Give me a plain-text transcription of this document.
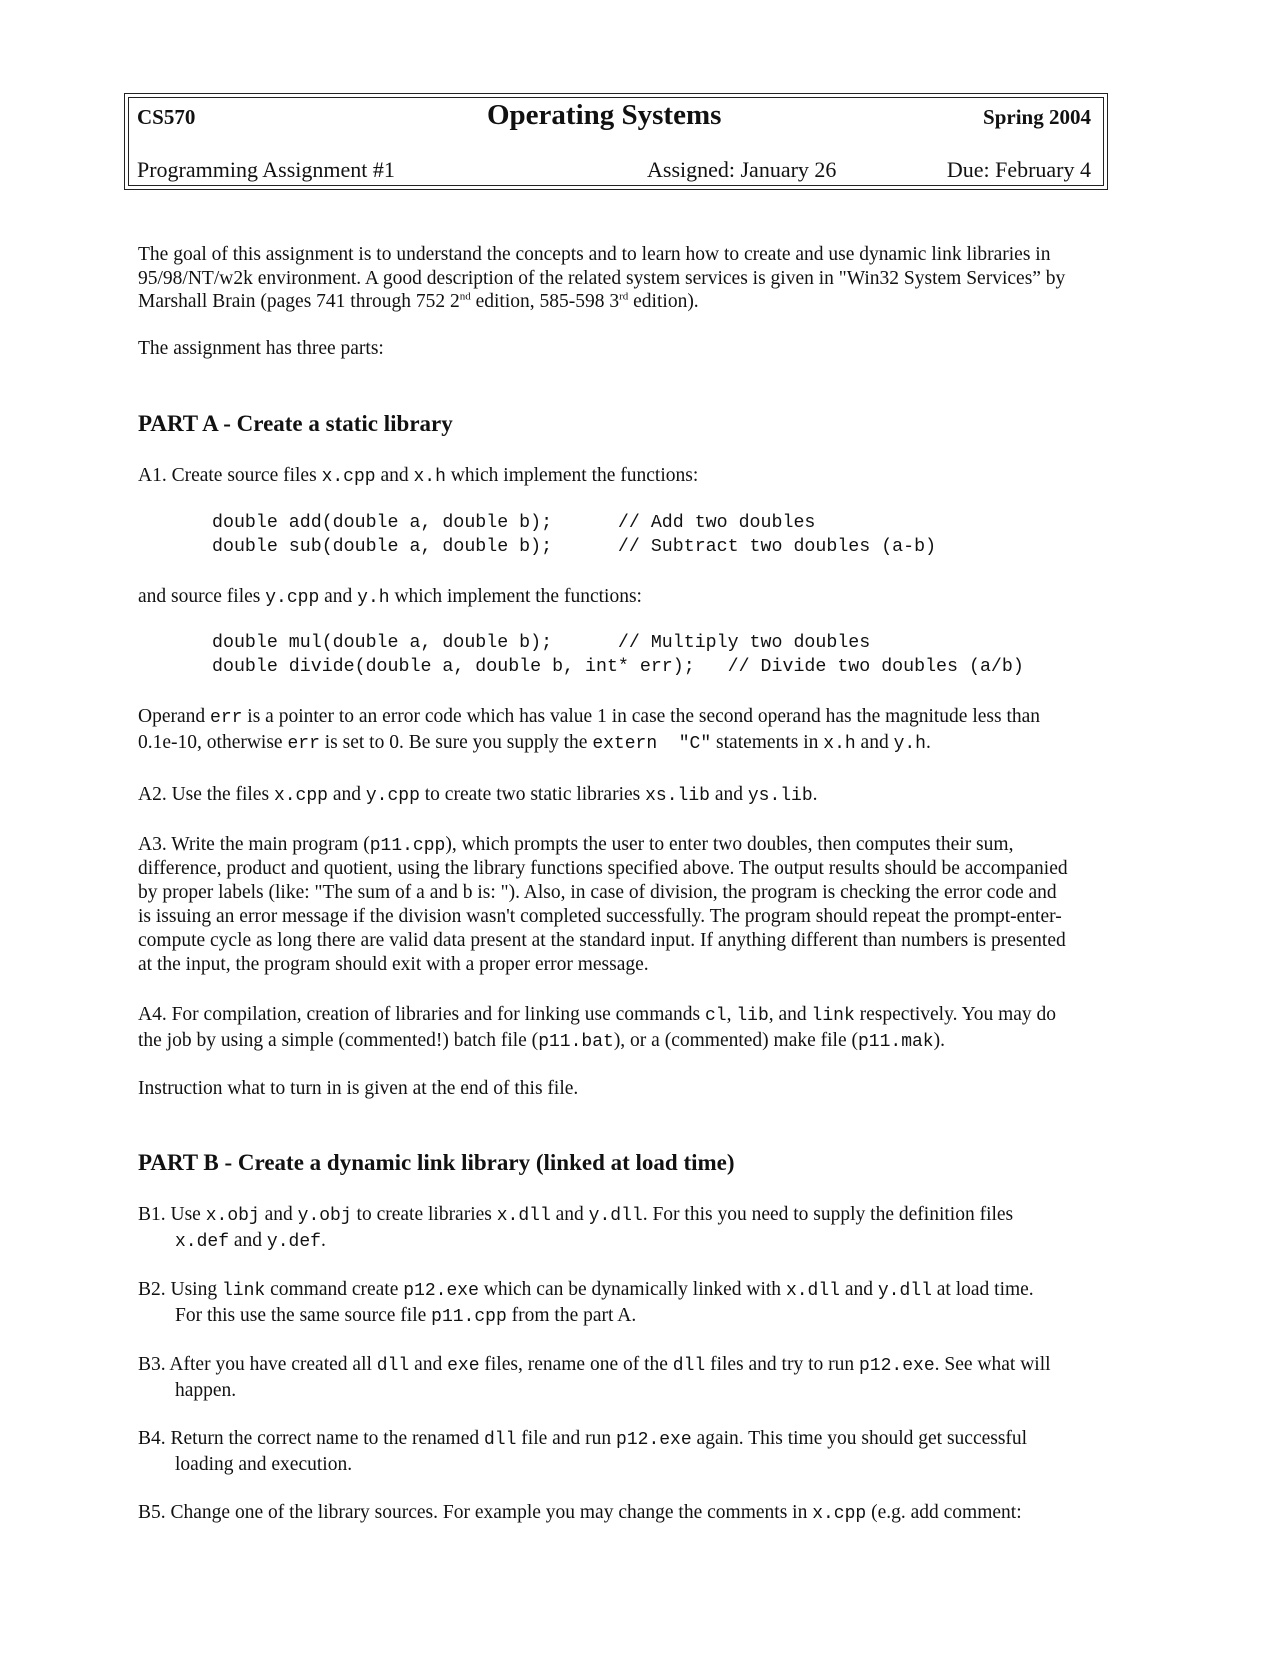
CS570	Operating Systems	Spring 2004
Programming Assignment #1	Assigned: January 26	Due: February 4
The goal of this assignment is to understand the concepts and to learn how to create and use dynamic link libraries in
95/98/NT/w2k environment. A good description of the related system services is given in "Win32 System Services” by
Marshall Brain (pages 741 through 752 2nd edition, 585-598 3rd edition).
The assignment has three parts:
PART A - Create a static library
A1. Create source files x.cpp and x.h which implement the functions:
double add(double a, double b);      // Add two doubles
double sub(double a, double b);      // Subtract two doubles (a-b)
and source files y.cpp and y.h which implement the functions:
double mul(double a, double b);      // Multiply two doubles
double divide(double a, double b, int* err);   // Divide two doubles (a/b)
Operand err is a pointer to an error code which has value 1 in case the second operand has the magnitude less than
0.1e-10, otherwise err is set to 0. Be sure you supply the extern  "C" statements in x.h and y.h.
A2. Use the files x.cpp and y.cpp to create two static libraries xs.lib and ys.lib.
A3. Write the main program (p11.cpp), which prompts the user to enter two doubles, then computes their sum,
difference, product and quotient, using the library functions specified above. The output results should be accompanied
by proper labels (like: "The sum of a and b is: "). Also, in case of division, the program is checking the error code and
is issuing an error message if the division wasn't completed successfully. The program should repeat the prompt-enter-
compute cycle as long there are valid data present at the standard input. If anything different than numbers is presented
at the input, the program should exit with a proper error message.
A4. For compilation, creation of libraries and for linking use commands cl, lib, and link respectively. You may do
the job by using a simple (commented!) batch file (p11.bat), or a (commented) make file (p11.mak).
Instruction what to turn in is given at the end of this file.
PART B - Create a dynamic link library (linked at load time)
B1. Use x.obj and y.obj to create libraries x.dll and y.dll. For this you need to supply the definition files
x.def and y.def.
B2. Using link command create p12.exe which can be dynamically linked with x.dll and y.dll at load time.
For this use the same source file p11.cpp from the part A.
B3. After you have created all dll and exe files, rename one of the dll files and try to run p12.exe. See what will
happen.
B4. Return the correct name to the renamed dll file and run p12.exe again. This time you should get successful
loading and execution.
B5. Change one of the library sources. For example you may change the comments in x.cpp (e.g. add comment:
